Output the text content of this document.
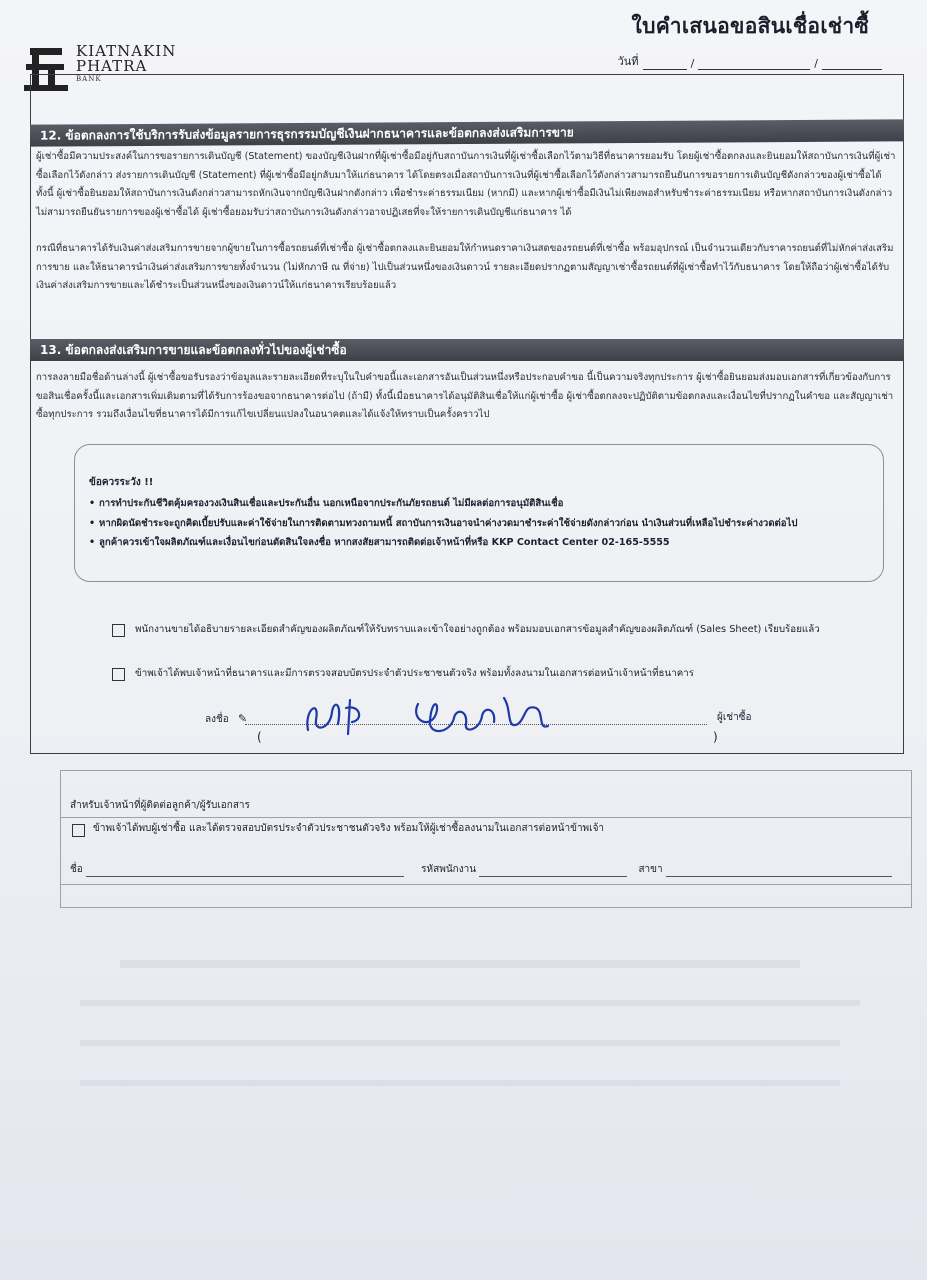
ใบคำเสนอขอสินเชื่อเช่าซื้
วันที่	/	/
KIATNAKIN
PHATRA
BANK
12. ข้อตกลงการใช้บริการรับส่งข้อมูลรายการธุรกรรมบัญชีเงินฝากธนาคารและข้อตกลงส่งเสริมการขาย
ผู้เช่าซื้อมีความประสงค์ในการขอรายการเดินบัญชี (Statement) ของบัญชีเงินฝากที่ผู้เช่าซื้อมีอยู่กับสถาบันการเงินที่ผู้เช่าซื้อเลือกไว้ตามวิธีที่ธนาคารยอมรับ โดยผู้เช่าซื้อตกลงและยินยอมให้สถาบันการเงินที่ผู้เช่าซื้อเลือกไว้ดังกล่าว ส่งรายการเดินบัญชี (Statement) ที่ผู้เช่าซื้อมีอยู่กลับมาให้แก่ธนาคาร ได้โดยตรงเมื่อสถาบันการเงินที่ผู้เช่าซื้อเลือกไว้ดังกล่าวสามารถยืนยันการขอรายการเดินบัญชีดังกล่าวของผู้เช่าซื้อได้ ทั้งนี้ ผู้เช่าซื้อยินยอมให้สถาบันการเงินดังกล่าวสามารถหักเงินจากบัญชีเงินฝากดังกล่าว เพื่อชำระค่าธรรมเนียม (หากมี) และหากผู้เช่าซื้อมีเงินไม่เพียงพอสำหรับชำระค่าธรรมเนียม หรือหากสถาบันการเงินดังกล่าวไม่สามารถยืนยันรายการของผู้เช่าซื้อได้ ผู้เช่าซื้อยอมรับว่าสถาบันการเงินดังกล่าวอาจปฏิเสธที่จะให้รายการเดินบัญชีแก่ธนาคาร ได้
กรณีที่ธนาคารได้รับเงินค่าส่งเสริมการขายจากผู้ขายในการซื้อรถยนต์ที่เช่าซื้อ ผู้เช่าซื้อตกลงและยินยอมให้กำหนดราคาเงินสดของรถยนต์ที่เช่าซื้อ พร้อมอุปกรณ์ เป็นจำนวนเดียวกับราคารถยนต์ที่ไม่หักค่าส่งเสริมการขาย และให้ธนาคารนำเงินค่าส่งเสริมการขายทั้งจำนวน (ไม่หักภาษี ณ ที่จ่าย) ไปเป็นส่วนหนึ่งของเงินดาวน์ รายละเอียดปรากฏตามสัญญาเช่าซื้อรถยนต์ที่ผู้เช่าซื้อทำไว้กับธนาคาร โดยให้ถือว่าผู้เช่าซื้อได้รับเงินค่าส่งเสริมการขายและได้ชำระเป็นส่วนหนึ่งของเงินดาวน์ให้แก่ธนาคารเรียบร้อยแล้ว
13. ข้อตกลงส่งเสริมการขายและข้อตกลงทั่วไปของผู้เช่าซื้อ
การลงลายมือชื่อด้านล่างนี้ ผู้เช่าซื้อขอรับรองว่าข้อมูลและรายละเอียดที่ระบุในใบคำขอนี้และเอกสารอันเป็นส่วนหนึ่งหรือประกอบคำขอ นี้เป็นความจริงทุกประการ ผู้เช่าซื้อยินยอมส่งมอบเอกสารที่เกี่ยวข้องกับการขอสินเชื่อครั้งนี้และเอกสารเพิ่มเติมตามที่ได้รับการร้องขอจากธนาคารต่อไป (ถ้ามี) ทั้งนี้เมื่อธนาคารได้อนุมัติสินเชื่อให้แก่ผู้เช่าซื้อ ผู้เช่าซื้อตกลงจะปฏิบัติตามข้อตกลงและเงื่อนไขที่ปรากฏในคำขอ และสัญญาเช่าซื้อทุกประการ รวมถึงเงื่อนไขที่ธนาคารได้มีการแก้ไขเปลี่ยนแปลงในอนาคตและได้แจ้งให้ทราบเป็นครั้งคราวไป
ข้อควรระวัง !!
• การทำประกันชีวิตคุ้มครองวงเงินสินเชื่อและประกันอื่น นอกเหนือจากประกันภัยรถยนต์ ไม่มีผลต่อการอนุมัติสินเชื่อ
• หากผิดนัดชำระจะถูกคิดเบี้ยปรับและค่าใช้จ่ายในการติดตามทวงถามหนี้ สถาบันการเงินอาจนำค่างวดมาชำระค่าใช้จ่ายดังกล่าวก่อน นำเงินส่วนที่เหลือไปชำระค่างวดต่อไป
• ลูกค้าควรเข้าใจผลิตภัณฑ์และเงื่อนไขก่อนตัดสินใจลงชื่อ หากสงสัยสามารถติดต่อเจ้าหน้าที่หรือ KKP Contact Center 02-165-5555
พนักงานขายได้อธิบายรายละเอียดสำคัญของผลิตภัณฑ์ให้รับทราบและเข้าใจอย่างถูกต้อง พร้อมมอบเอกสารข้อมูลสำคัญของผลิตภัณฑ์ (Sales Sheet) เรียบร้อยแล้ว
ข้าพเจ้าได้พบเจ้าหน้าที่ธนาคารและมีการตรวจสอบบัตรประจำตัวประชาชนตัวจริง พร้อมทั้งลงนามในเอกสารต่อหน้าเจ้าหน้าที่ธนาคาร
ลงชื่อ ✎	ผู้เช่าซื้อ
(	)
สำหรับเจ้าหน้าที่ผู้ติดต่อลูกค้า/ผู้รับเอกสาร
ข้าพเจ้าได้พบผู้เช่าซื้อ และได้ตรวจสอบบัตรประจำตัวประชาชนตัวจริง พร้อมให้ผู้เช่าซื้อลงนามในเอกสารต่อหน้าข้าพเจ้า
ชื่อ	รหัสพนักงาน	สาขา
